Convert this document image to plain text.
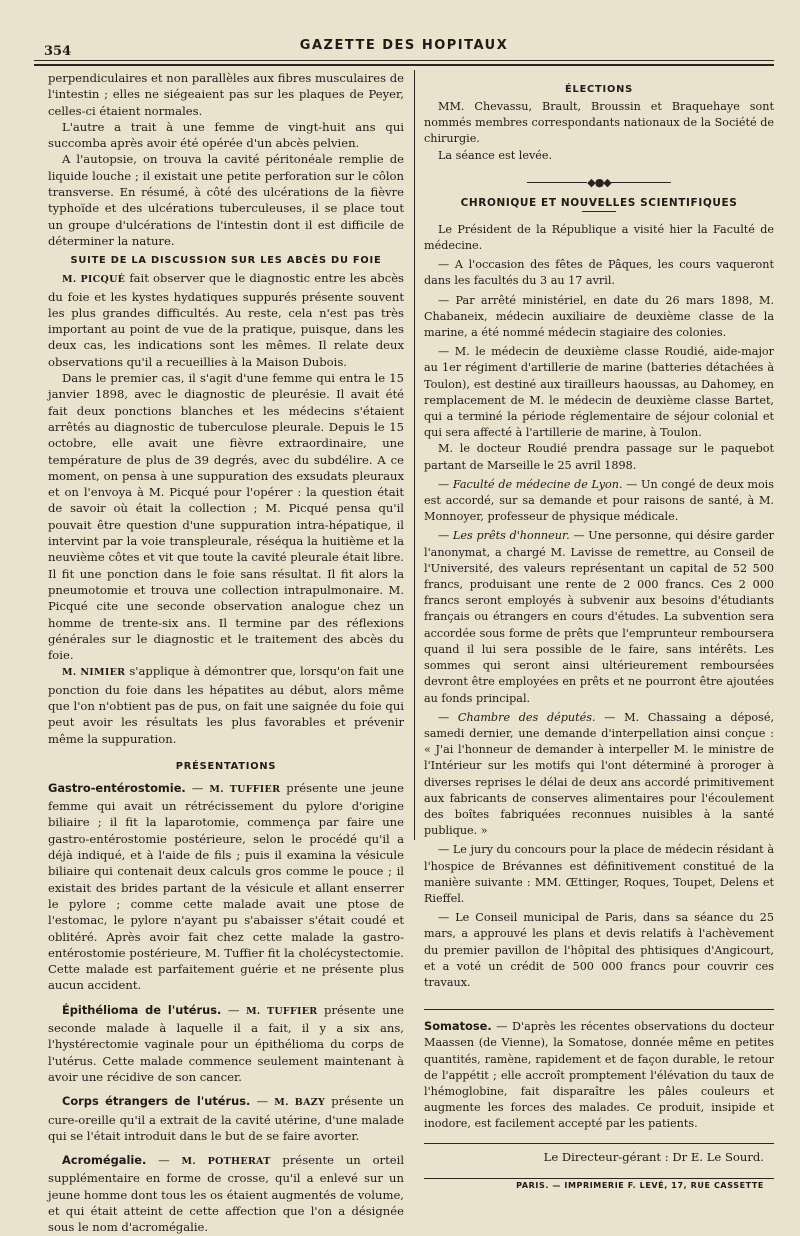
354	GAZETTE DES HOPITAUX

perpendiculaires et non parallèles aux fibres musculaires de l'intestin ; elles ne siégeaient pas sur les plaques de Peyer, celles-ci étaient normales.

L'autre a trait à une femme de vingt-huit ans qui succomba après avoir été opérée d'un abcès pelvien.

A l'autopsie, on trouva la cavité péritonéale remplie de liquide louche ; il existait une petite perforation sur le côlon transverse. En résumé, à côté des ulcérations de la fièvre typhoïde et des ulcérations tuberculeuses, il se place tout un groupe d'ulcérations de l'intestin dont il est difficile de déterminer la nature.

SUITE DE LA DISCUSSION SUR LES ABCÈS DU FOIE

M. PICQUÉ fait observer que le diagnostic entre les abcès du foie et les kystes hydatiques suppurés présente souvent les plus grandes difficultés. Au reste, cela n'est pas très important au point de vue de la pratique, puisque, dans les deux cas, les indications sont les mêmes. Il relate deux observations qu'il a recueillies à la Maison Dubois.

Dans le premier cas, il s'agit d'une femme qui entra le 15 janvier 1898, avec le diagnostic de pleurésie. Il avait été fait deux ponctions blanches et les médecins s'étaient arrêtés au diagnostic de tuberculose pleurale. Depuis le 15 octobre, elle avait une fièvre extraordinaire, une température de plus de 39 degrés, avec du subdélire. A ce moment, on pensa à une suppuration des exsudats pleuraux et on l'envoya à M. Picqué pour l'opérer : la question était de savoir où était la collection ; M. Picqué pensa qu'il pouvait être question d'une suppuration intra-hépatique, il intervint par la voie transpleurale, réséqua la huitième et la neuvième côtes et vit que toute la cavité pleurale était libre. Il fit une ponction dans le foie sans résultat. Il fit alors la pneumotomie et trouva une collection intrapulmonaire. M. Picqué cite une seconde observation analogue chez un homme de trente-six ans. Il termine par des réflexions générales sur le diagnostic et le traitement des abcès du foie.

M. NIMIER s'applique à démontrer que, lorsqu'on fait une ponction du foie dans les hépatites au début, alors même que l'on n'obtient pas de pus, on fait une saignée du foie qui peut avoir les résultats les plus favorables et prévenir même la suppuration.

PRÉSENTATIONS

Gastro-entérostomie. — M. TUFFIER présente une jeune femme qui avait un rétrécissement du pylore d'origine biliaire ; il fit la laparotomie, commença par faire une gastro-entérostomie postérieure, selon le procédé qu'il a déjà indiqué, et à l'aide de fils ; puis il examina la vésicule biliaire qui contenait deux calculs gros comme le pouce ; il existait des brides partant de la vésicule et allant enserrer le pylore ; comme cette malade avait une ptose de l'estomac, le pylore n'ayant pu s'abaisser s'était coudé et oblitéré. Après avoir fait chez cette malade la gastro-entérostomie postérieure, M. Tuffier fit la cholécystectomie. Cette malade est parfaitement guérie et ne présente plus aucun accident.

Épithélioma de l'utérus. — M. TUFFIER présente une seconde malade à laquelle il a fait, il y a six ans, l'hystérectomie vaginale pour un épithélioma du corps de l'utérus. Cette malade commence seulement maintenant à avoir une récidive de son cancer.

Corps étrangers de l'utérus. — M. BAZY présente un cure-oreille qu'il a extrait de la cavité utérine, d'une malade qui se l'était introduit dans le but de se faire avorter.

Acromégalie. — M. POTHERAT présente un orteil supplémentaire en forme de crosse, qu'il a enlevé sur un jeune homme dont tous les os étaient augmentés de volume, et qui était atteint de cette affection que l'on a désignée sous le nom d'acromégalie.

ÉLECTIONS

MM. Chevassu, Brault, Broussin et Braquehaye sont nommés membres correspondants nationaux de la Société de chirurgie.

La séance est levée.

◆●◆
CHRONIQUE ET NOUVELLES SCIENTIFIQUES

Le Président de la République a visité hier la Faculté de médecine.

— A l'occasion des fêtes de Pâques, les cours vaqueront dans les facultés du 3 au 17 avril.

— Par arrêté ministériel, en date du 26 mars 1898, M. Chabaneix, médecin auxiliaire de deuxième classe de la marine, a été nommé médecin stagiaire des colonies.

— M. le médecin de deuxième classe Roudié, aide-major au 1er régiment d'artillerie de marine (batteries détachées à Toulon), est destiné aux tirailleurs haoussas, au Dahomey, en remplacement de M. le médecin de deuxième classe Bartet, qui a terminé la période réglementaire de séjour colonial et qui sera affecté à l'artillerie de marine, à Toulon.

M. le docteur Roudié prendra passage sur le paquebot partant de Marseille le 25 avril 1898.

— Faculté de médecine de Lyon. — Un congé de deux mois est accordé, sur sa demande et pour raisons de santé, à M. Monnoyer, professeur de physique médicale.

— Les prêts d'honneur. — Une personne, qui désire garder l'anonymat, a chargé M. Lavisse de remettre, au Conseil de l'Université, des valeurs représentant un capital de 52 500 francs, produisant une rente de 2 000 francs. Ces 2 000 francs seront employés à subvenir aux besoins d'étudiants français ou étrangers en cours d'études. La subvention sera accordée sous forme de prêts que l'emprunteur remboursera quand il lui sera possible de le faire, sans intérêts. Les sommes qui seront ainsi ultérieurement remboursées devront être employées en prêts et ne pourront être ajoutées au fonds principal.

— Chambre des députés. — M. Chassaing a déposé, samedi dernier, une demande d'interpellation ainsi conçue : « J'ai l'honneur de demander à interpeller M. le ministre de l'Intérieur sur les motifs qui l'ont déterminé à proroger à diverses reprises le délai de deux ans accordé primitivement aux fabricants de conserves alimentaires pour l'écoulement des boîtes fabriquées reconnues nuisibles à la santé publique. »

— Le jury du concours pour la place de médecin résidant à l'hospice de Brévannes est définitivement constitué de la manière suivante : MM. Œttinger, Roques, Toupet, Delens et Rieffel.

— Le Conseil municipal de Paris, dans sa séance du 25 mars, a approuvé les plans et devis relatifs à l'achèvement du premier pavillon de l'hôpital des phtisiques d'Angicourt, et a voté un crédit de 500 000 francs pour couvrir ces travaux.

Somatose. — D'après les récentes observations du docteur Maassen (de Vienne), la Somatose, donnée même en petites quantités, ramène, rapidement et de façon durable, le retour de l'appétit ; elle accroît promptement l'élévation du taux de l'hémoglobine, fait disparaître les pâles couleurs et augmente les forces des malades. Ce produit, insipide et inodore, est facilement accepté par les patients.

Le Directeur-gérant : Dr E. Le Sourd.
PARIS. — IMPRIMERIE F. LEVÉ, 17, RUE CASSETTE
